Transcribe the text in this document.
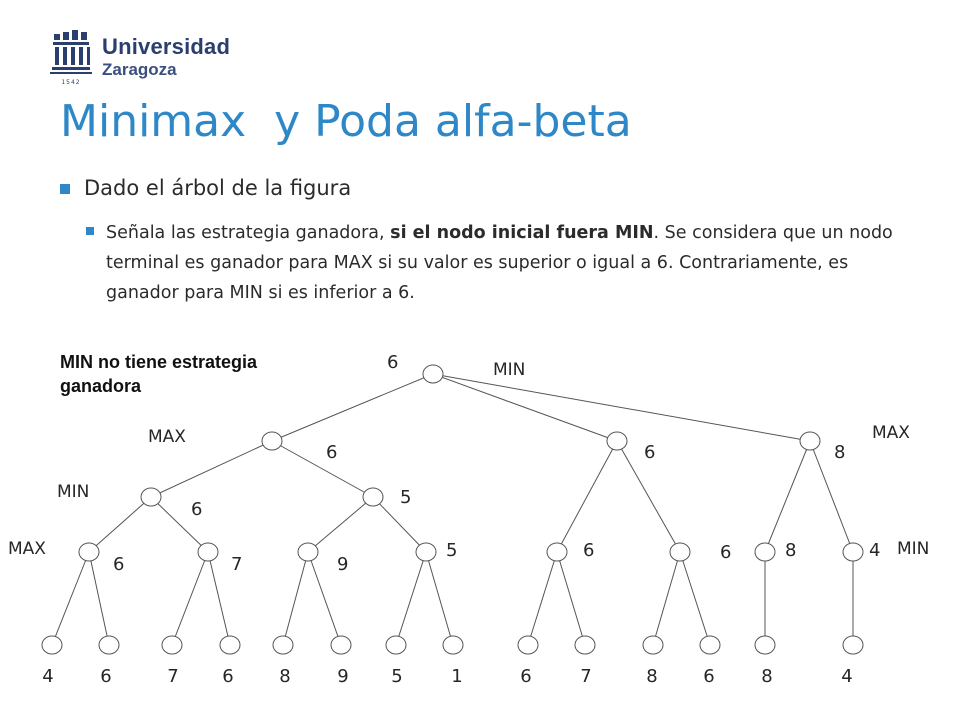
1542
Universidad
Zaragoza
Minimax  y Poda alfa-beta
Dado el árbol de la figura
Señala las estrategia ganadora, si el nodo inicial fuera MIN. Se considera que un nodo terminal es ganador para MAX si su valor es superior o igual a 6. Contrariamente, es ganador para MIN si es inferior a 6.
MIN no tiene estrategia
ganadora
MIN
MAX	MAX
MIN
MAX	MIN
6
6	6	8
6
5
6	7	9
5	6	6	8	4
4	6	7 6	8	9 5	1	6	7	8	6	8	4
